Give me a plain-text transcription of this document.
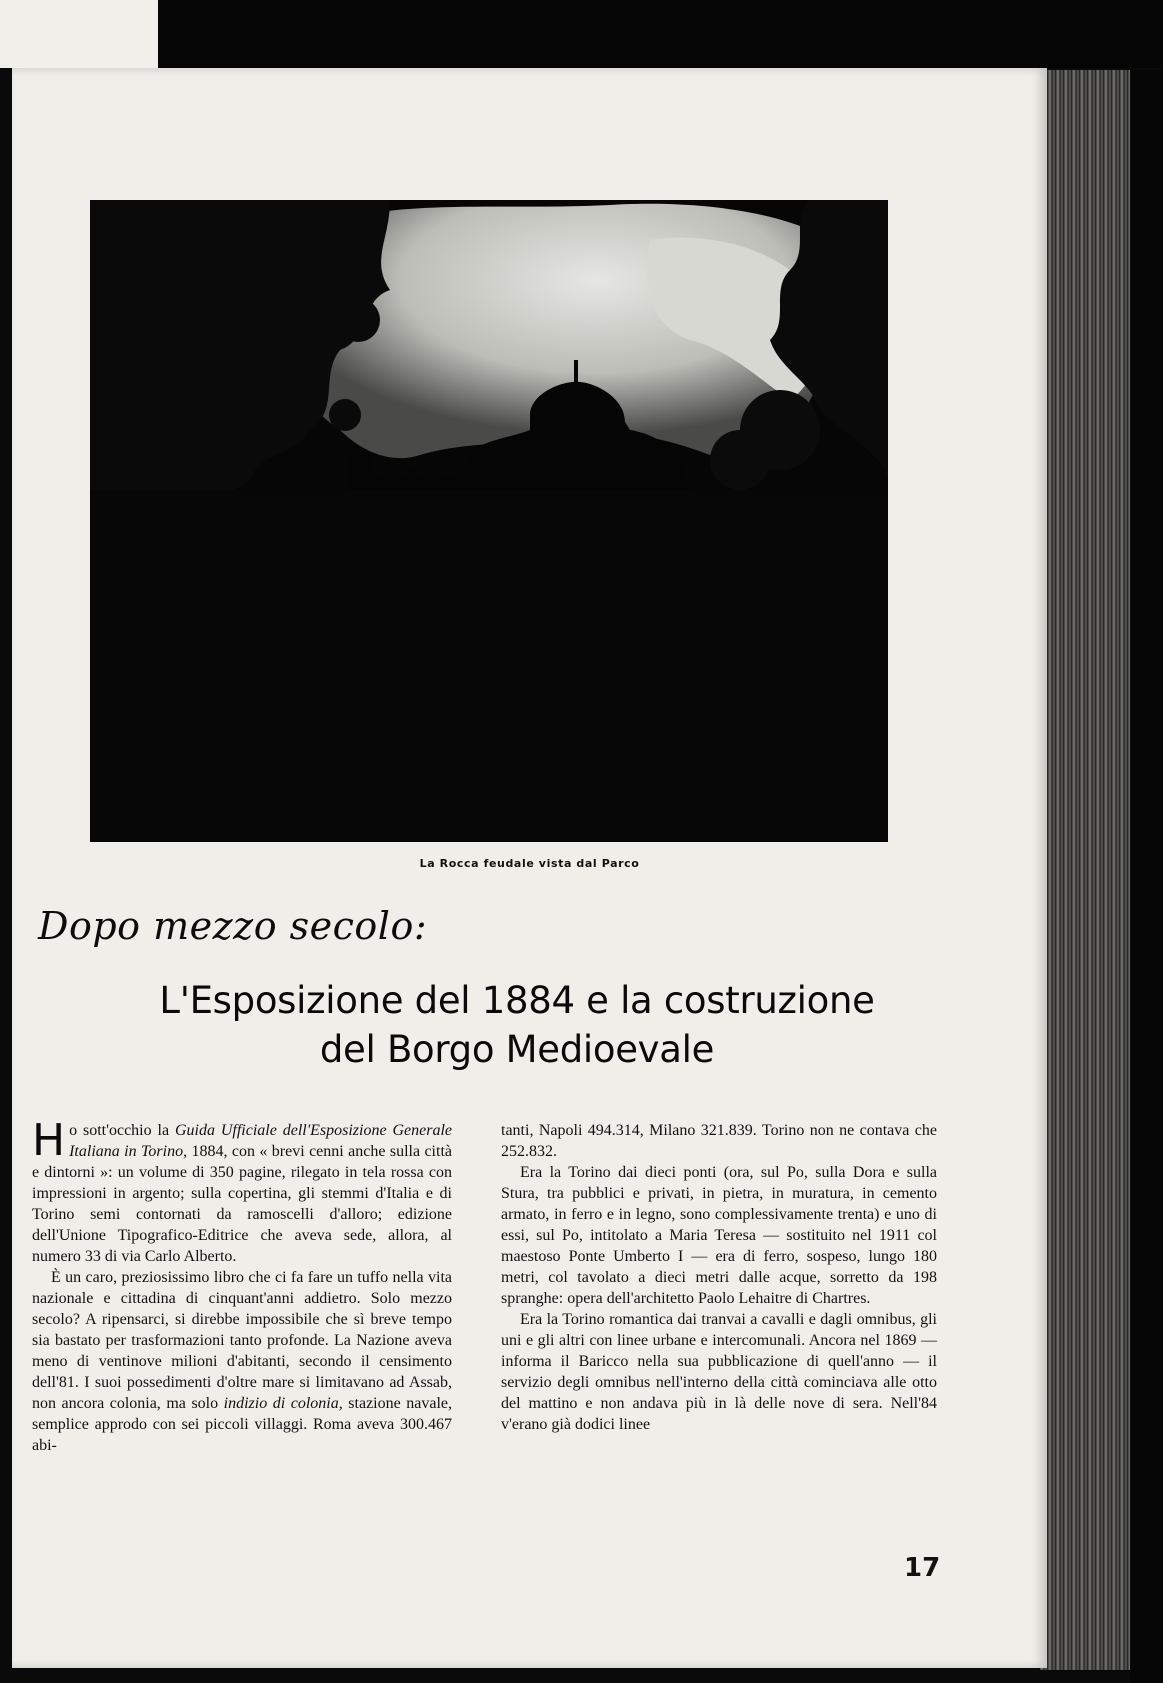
La Rocca feudale vista dal Parco
Dopo mezzo secolo:
L'Esposizione del 1884 e la costruzione
del Borgo Medioevale

Ho sott'occhio la Guida Ufficiale dell'Esposizione Generale Italiana in Torino, 1884, con « brevi cenni anche sulla città e dintorni »: un volume di 350 pagine, rilegato in tela rossa con impressioni in argento; sulla copertina, gli stemmi d'Italia e di Torino semi contornati da ramoscelli d'alloro; edizione dell'Unione Tipografico-Editrice che aveva sede, allora, al numero 33 di via Carlo Alberto.

È un caro, preziosissimo libro che ci fa fare un tuffo nella vita nazionale e cittadina di cinquant'anni addietro. Solo mezzo secolo? A ripensarci, si direbbe impossibile che sì breve tempo sia bastato per trasformazioni tanto profonde. La Nazione aveva meno di ventinove milioni d'abitanti, secondo il censimento dell'81. I suoi possedimenti d'oltre mare si limitavano ad Assab, non ancora colonia, ma solo indizio di colonia, stazione navale, semplice approdo con sei piccoli villaggi. Roma aveva 300.467 abi-

tanti, Napoli 494.314, Milano 321.839. Torino non ne contava che 252.832.

Era la Torino dai dieci ponti (ora, sul Po, sulla Dora e sulla Stura, tra pubblici e privati, in pietra, in muratura, in cemento armato, in ferro e in legno, sono complessivamente trenta) e uno di essi, sul Po, intitolato a Maria Teresa — sostituito nel 1911 col maestoso Ponte Umberto I — era di ferro, sospeso, lungo 180 metri, col tavolato a dieci metri dalle acque, sorretto da 198 spranghe: opera dell'architetto Paolo Lehaitre di Chartres.

Era la Torino romantica dai tranvai a cavalli e dagli omnibus, gli uni e gli altri con linee urbane e intercomunali. Ancora nel 1869 — informa il Baricco nella sua pubblicazione di quell'anno — il servizio degli omnibus nell'interno della città cominciava alle otto del mattino e non andava più in là delle nove di sera. Nell'84 v'erano già dodici linee

17
